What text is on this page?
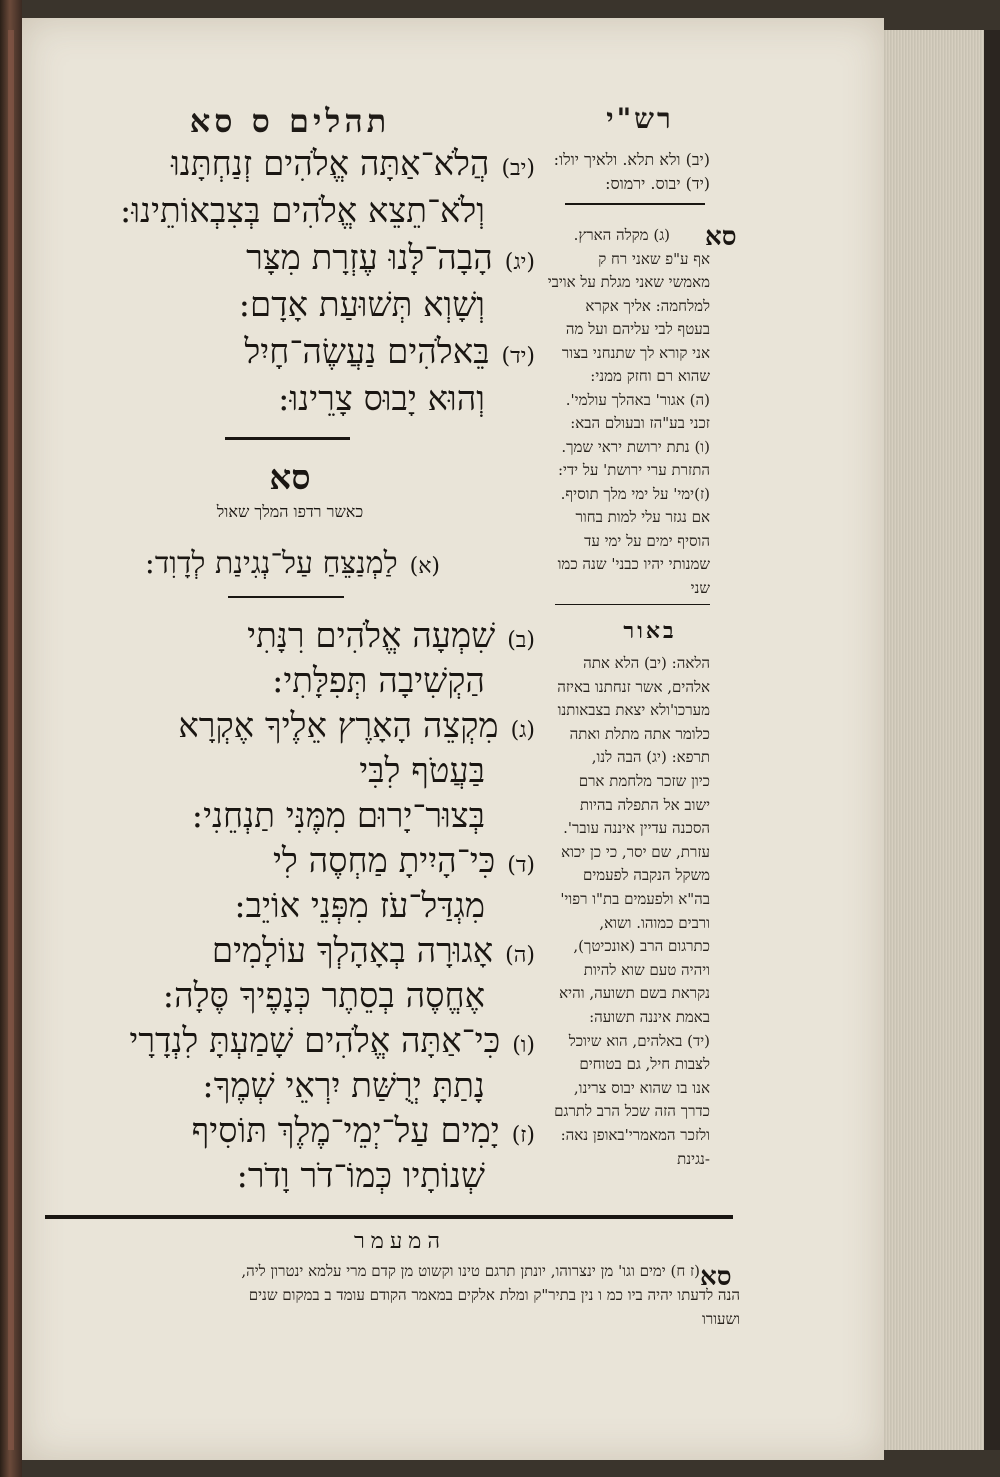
תהלים ס סא	רש"י
(יב)הֲלֹא־אַתָּה אֱלֹהִים זְנַחְתָּנוּ
וְלֹא־תֵצֵא אֱלֹהִים בְּצִבְאוֹתֵינוּ:
(יג)הָבָה־לָּנוּ עֶזְרָת מִצָּר
וְשָׁוְא תְּשׁוּעַת אָדָם:
(יד)בֵּאלֹהִים נַעֲשֶׂה־חָיִל
וְהוּא יָבוּס צָרֵינוּ:
סא
כאשר רדפו המלך שאול
(א)לַמְנַצֵּחַ עַל־נְגִינַת לְדָוִד:
(ב)שִׁמְעָה אֱלֹהִים רִנָּתִי
הַקְשִׁיבָה תְּפִלָּתִי:
(ג)מִקְצֵה הָאָרֶץ אֵלֶיךָ אֶקְרָא
בַּעֲטֹף לִבִּי
בְּצוּר־יָרוּם מִמֶּנִּי תַנְחֵנִי:
(ד)כִּי־הָיִיתָ מַחְסֶה לִי
מִגְדַּל־עֹז מִפְּנֵי אוֹיֵב:
(ה)אָגוּרָה בְאָהָלְךָ עוֹלָמִים
אֶחֱסֶה בְסֵתֶר כְּנָפֶיךָ סֶּלָה:
(ו)כִּי־אַתָּה אֱלֹהִים שָׁמַעְתָּ לִנְדָרָי
נָתַתָּ יְרֻשַּׁת יִרְאֵי שְׁמֶךָ:
(ז)יָמִים עַל־יְמֵי־מֶלֶךְ תּוֹסִיף
שְׁנוֹתָיו כְּמוֹ־דֹר וָדֹר:
(יב) ולא תלא. ולאיך יולו:
(יד) יבוס. ירמוס:
סא
(ג) מקלה הארץ.
אף ע"פ שאני רח ק
מאמשי שאני מגלת על אויבי
למלחמה: אליך אקרא
בעטף לבי עליהם ועל מה
אני קורא לך שתנחני בצור
שהוא רם וחזק ממני:
(ה) אגור' באהלך עולמי'.
זכני בע"הז ובעולם הבא:
(ו) נתת ירושת יראי שמך.
התזרת ערי ירושת' על ידי:
(ז)ימי' על ימי מלך תוסיף.
אם נגזר עלי למות בחור
הוסיף ימים על ימי עד
שמנותי יהיו כבני' שנה כמו
שני
באור
הלאה: (יב) הלא אתה
אלהים, אשר זנחתנו באיזה
מערכו'ולא יצאת בצבאותנו
כלומר אתה מתלת ואתה
תרפא: (יג) הבה לנו,
כיון שזכר מלחמת ארם
ישוב אל התפלה בהיות
הסכנה עדיין איננה עובר'.
עזרת, שם יסר, כי כן יכוא
משקל הנקבה לפעמים
בה"א ולפעמים בת"ו רפוי'
ורבים כמוהו. ושוא,
כתרגום הרב (אונכיטך),
ויהיה טעם שוא להיות
נקראת בשם תשועה, והיא
באמת איננה תשועה:
(יד) באלהים, הוא שיוכל
לצבות חיל, גם בטוחים
אנו בו שהוא יבוס צרינו,
כדרך הזה שכל הרב לתרגם
ולזכר המאמרי'באופן נאה:
-נגינת
המעמר
סא
(ז ח) ימים וגו' מן ינצרוהו, יונתן תרגם טינו וקשוט מן קדם מרי עלמא ינטרון ליה,
הנה לדעתו יהיה ביו כמ ו נין בתיר"ק ומלת אלקים במאמר הקודם עומד ב במקום שנים
ושעורו
